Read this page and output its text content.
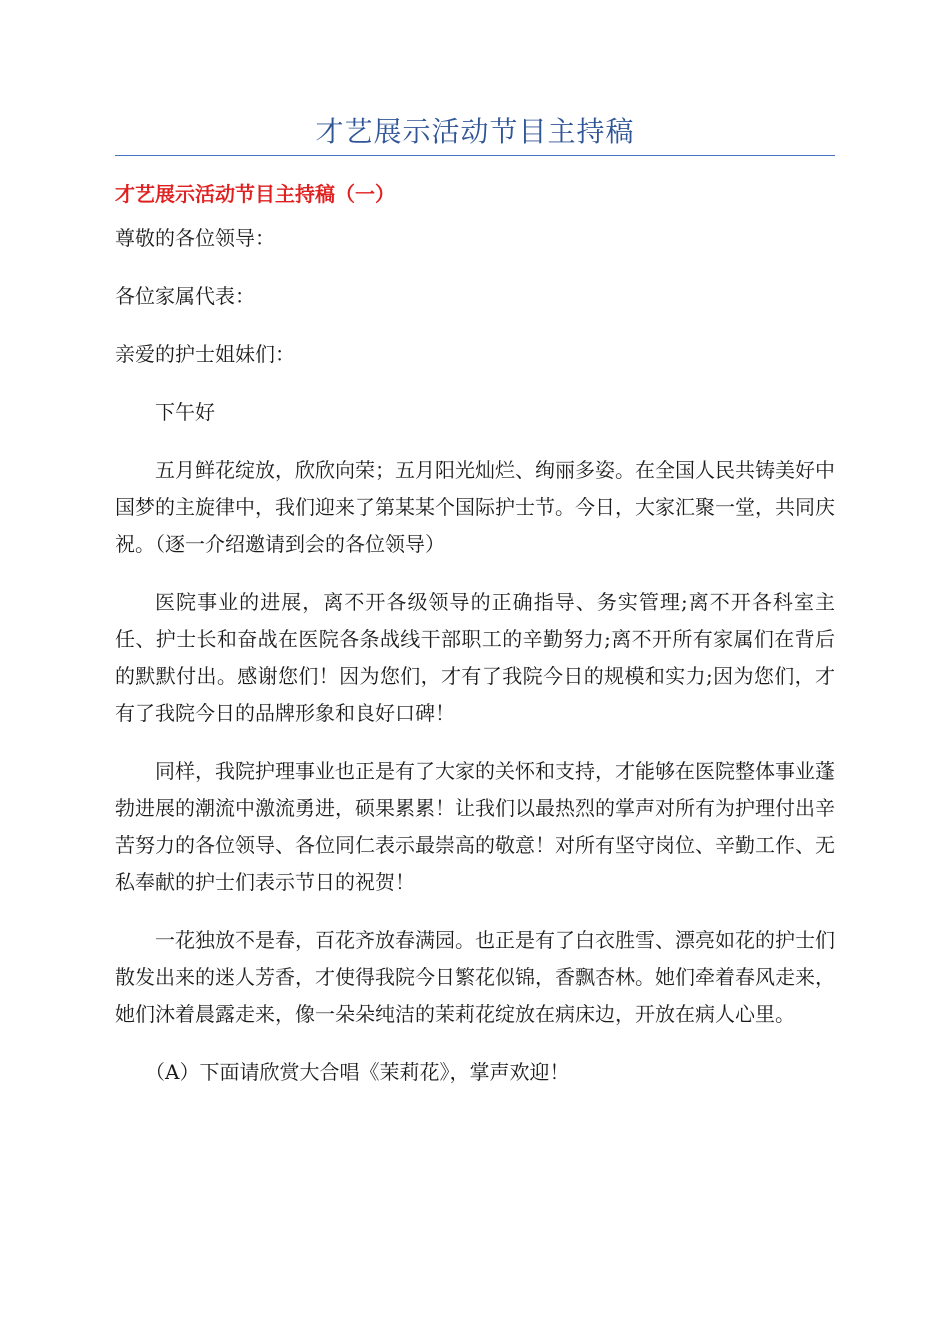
才艺展示活动节目主持稿
才艺展示活动节目主持稿（一）

尊敬的各位领导：

各位家属代表：

亲爱的护士姐妹们：

下午好

五月鲜花绽放，欣欣向荣；五月阳光灿烂、绚丽多姿。在全国人民共铸美好中国梦的主旋律中，我们迎来了第某某个国际护士节。今日，大家汇聚一堂，共同庆祝。（逐一介绍邀请到会的各位领导）

医院事业的进展，离不开各级领导的正确指导、务实管理;离不开各科室主任、护士长和奋战在医院各条战线干部职工的辛勤努力;离不开所有家属们在背后的默默付出。感谢您们！因为您们，才有了我院今日的规模和实力;因为您们，才有了我院今日的品牌形象和良好口碑！

同样，我院护理事业也正是有了大家的关怀和支持，才能够在医院整体事业蓬勃进展的潮流中激流勇进，硕果累累！让我们以最热烈的掌声对所有为护理付出辛苦努力的各位领导、各位同仁表示最崇高的敬意！对所有坚守岗位、辛勤工作、无私奉献的护士们表示节日的祝贺！

一花独放不是春，百花齐放春满园。也正是有了白衣胜雪、漂亮如花的护士们散发出来的迷人芳香，才使得我院今日繁花似锦，香飘杏林。她们牵着春风走来，她们沐着晨露走来，像一朵朵纯洁的茉莉花绽放在病床边，开放在病人心里。

（A）下面请欣赏大合唱《茉莉花》，掌声欢迎！
